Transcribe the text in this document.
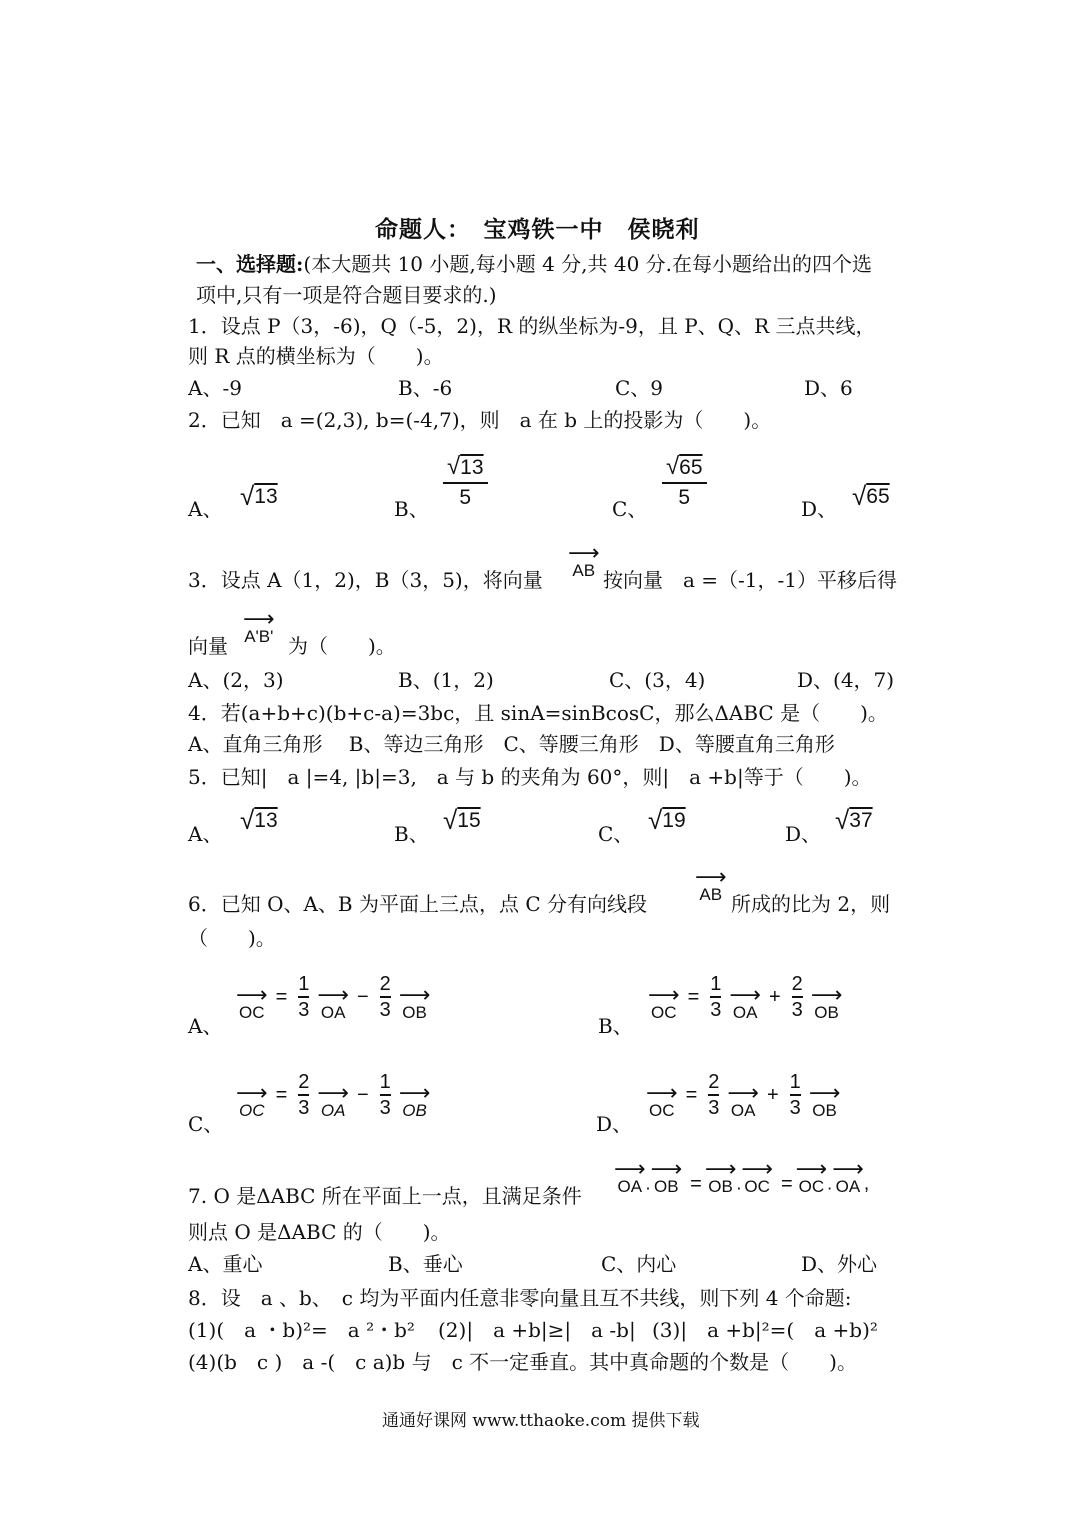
命题人：　宝鸡铁一中　侯晓利
一、选择题:(本大题共 10 小题,每小题 4 分,共 40 分.在每小题给出的四个选
项中,只有一项是符合题目要求的.)
1．设点 P（3，-6)，Q（-5，2)，R 的纵坐标为-9，且 P、Q、R 三点共线，
则 R 点的横坐标为（　　)。
A、-9	B、-6	C、9	D、6
2．已知　a =(2,3), b=(-4,7)，则　a 在 b 上的投影为（　　)。
A、 √13
B、 $\frac{√13}{5}$	C、 $\frac{√65}{5}$	D、 √65
3．设点 A（1，2)，B（3，5)，将向量
⟶
AB 按向量　a =（-1，-1）平移后得
向量
⟶
A'B' 为（　　)。
A、(2，3)	B、(1，2)	C、(3，4)	D、(4，7)
4．若(a+b+c)(b+c-a)=3bc，且 sinA=sinBcosC，那么ΔABC 是（　　)。
A、直角三角形　 B、等边三角形　C、等腰三角形　D、等腰直角三角形
5．已知|　a |=4, |b|=3,　a 与 b 的夹角为 60°，则|　a +b|等于（　　)。
A、 √13
B、 √15
C、 √19
D、 √37
6．已知 O、A、B 为平面上三点，点 C 分有向线段
⟶
AB 所成的比为 2，则
（　　)。
A、
⟶
OC = $\frac{1}{3}$
⟶
OA − $\frac{2}{3}$
⟶
OB
B、
⟶
OC = $\frac{1}{3}$
⟶
OA + $\frac{2}{3}$
⟶
OB
C、
⟶
OC = $\frac{2}{3}$
⟶
OA − $\frac{1}{3}$
⟶
OB
D、
⟶
OC = $\frac{2}{3}$
⟶
OA + $\frac{1}{3}$
⟶
OB
7. O 是ΔABC 所在平面上一点，且满足条件
⟶
OA .
⟶
OB =
⟶
OB .
⟶
OC =
⟶
OC .
⟶
OA ,
则点 O 是ΔABC 的（　　)。
A、重心	B、垂心	C、内心	D、外心
8．设　a 、b、　c 均为平面内任意非零向量且互不共线，则下列 4 个命题:
(1)(　a ・b)²=　a ²・b² (2)|　a +b|≥|　a -b| (3)|　a +b|²=(　a +b)²
(4)(b　c )　a -(　c a)b 与　c 不一定垂直。其中真命题的个数是（　　)。
通通好课网 www.tthaoke.com 提供下载
